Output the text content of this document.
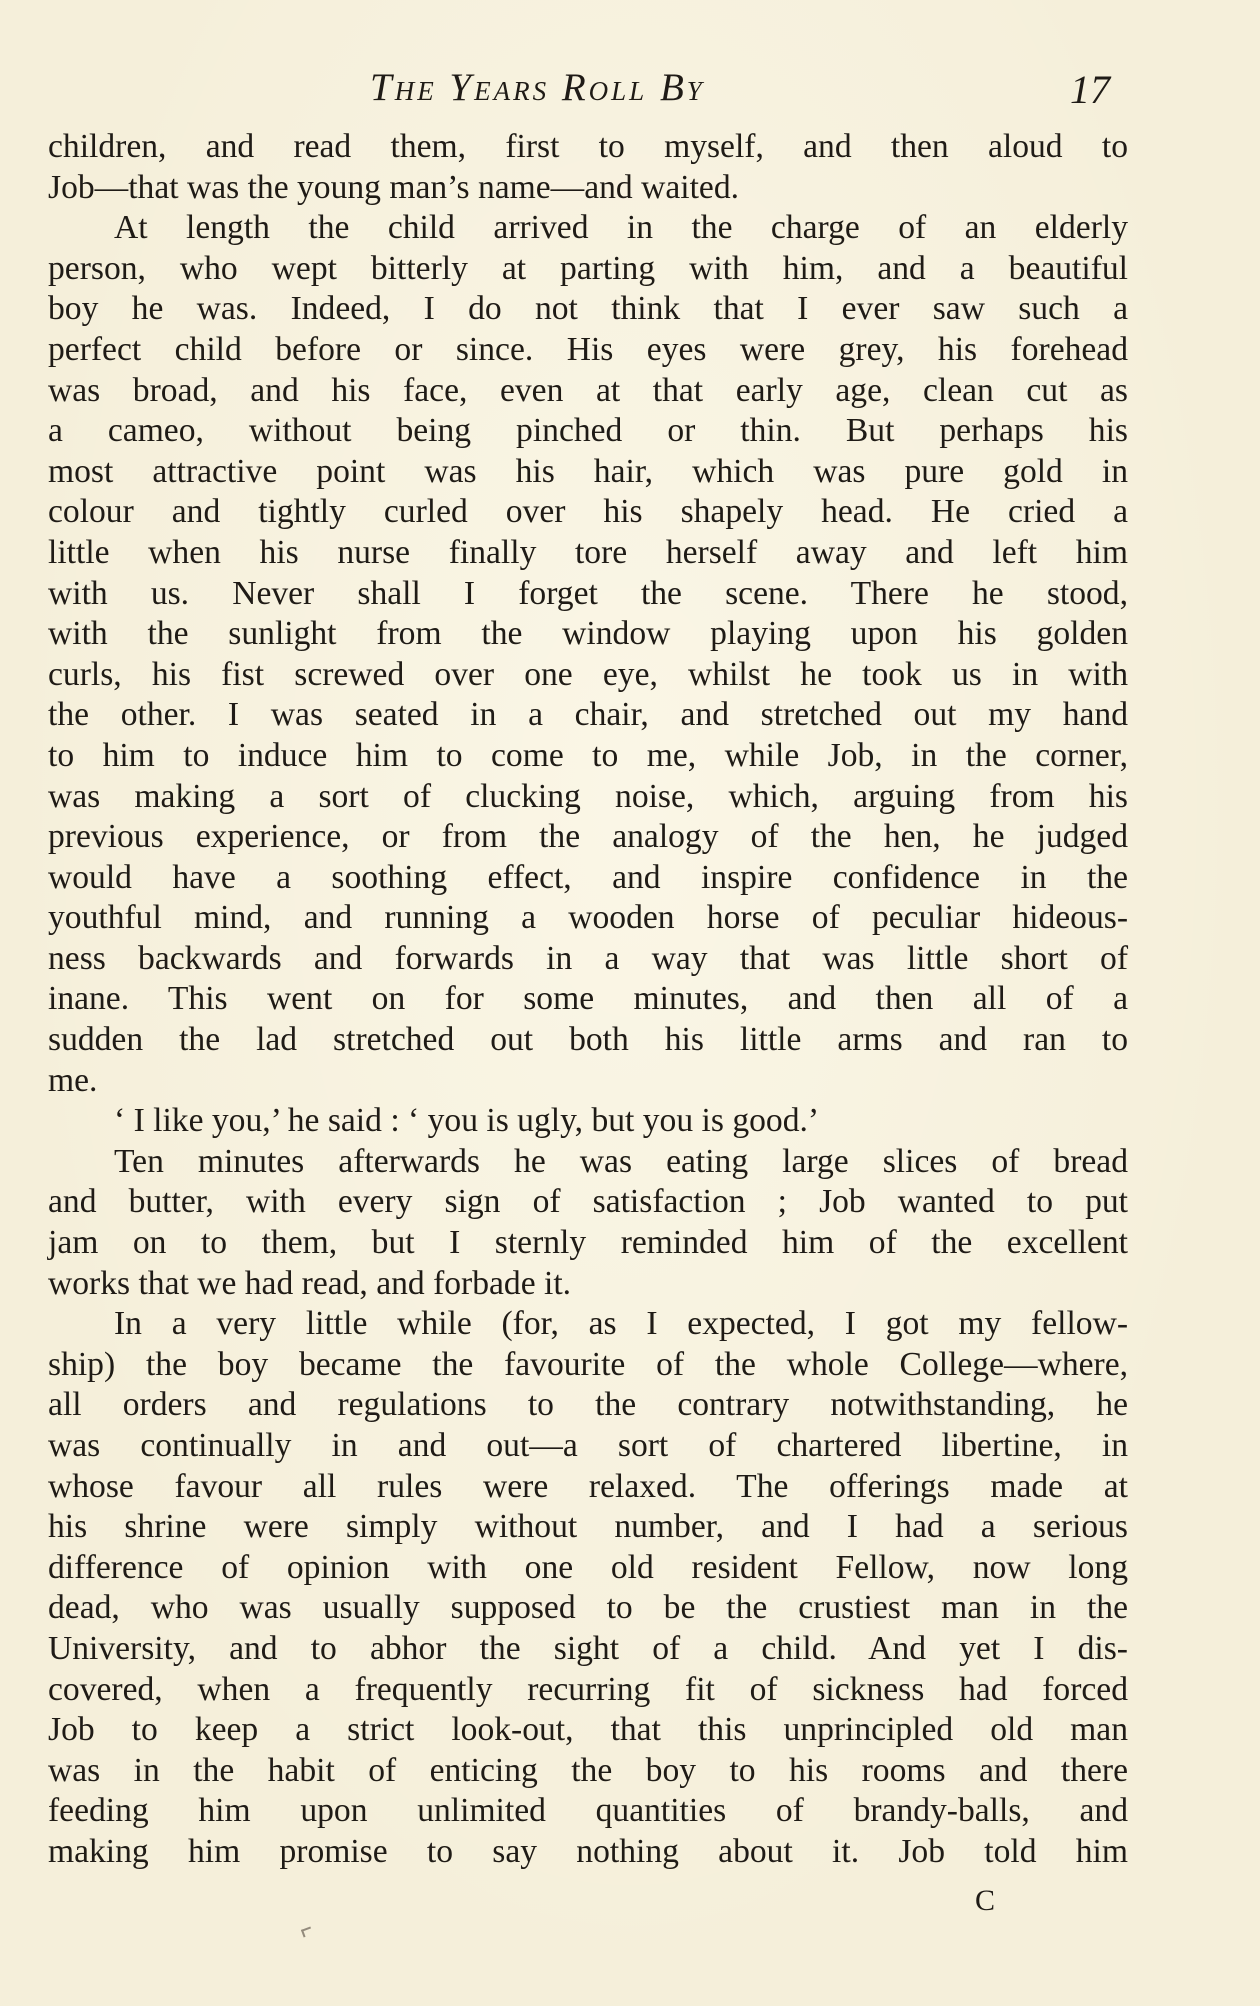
The Years Roll By	17
children, and read them, first to myself, and then aloud to
Job—that was the young man’s name—and waited.
At length the child arrived in the charge of an elderly
person, who wept bitterly at parting with him, and a beautiful
boy he was. Indeed, I do not think that I ever saw such a
perfect child before or since. His eyes were grey, his forehead
was broad, and his face, even at that early age, clean cut as
a cameo, without being pinched or thin. But perhaps his
most attractive point was his hair, which was pure gold in
colour and tightly curled over his shapely head. He cried a
little when his nurse finally tore herself away and left him
with us. Never shall I forget the scene. There he stood,
with the sunlight from the window playing upon his golden
curls, his fist screwed over one eye, whilst he took us in with
the other. I was seated in a chair, and stretched out my hand
to him to induce him to come to me, while Job, in the corner,
was making a sort of clucking noise, which, arguing from his
previous experience, or from the analogy of the hen, he judged
would have a soothing effect, and inspire confidence in the
youthful mind, and running a wooden horse of peculiar hideous-
ness backwards and forwards in a way that was little short of
inane. This went on for some minutes, and then all of a
sudden the lad stretched out both his little arms and ran to
me.
‘ I like you,’ he said : ‘ you is ugly, but you is good.’
Ten minutes afterwards he was eating large slices of bread
and butter, with every sign of satisfaction ; Job wanted to put
jam on to them, but I sternly reminded him of the excellent
works that we had read, and forbade it.
In a very little while (for, as I expected, I got my fellow-
ship) the boy became the favourite of the whole College—where,
all orders and regulations to the contrary notwithstanding, he
was continually in and out—a sort of chartered libertine, in
whose favour all rules were relaxed. The offerings made at
his shrine were simply without number, and I had a serious
difference of opinion with one old resident Fellow, now long
dead, who was usually supposed to be the crustiest man in the
University, and to abhor the sight of a child. And yet I dis-
covered, when a frequently recurring fit of sickness had forced
Job to keep a strict look-out, that this unprincipled old man
was in the habit of enticing the boy to his rooms and there
feeding him upon unlimited quantities of brandy-balls, and
making him promise to say nothing about it. Job told him
C
